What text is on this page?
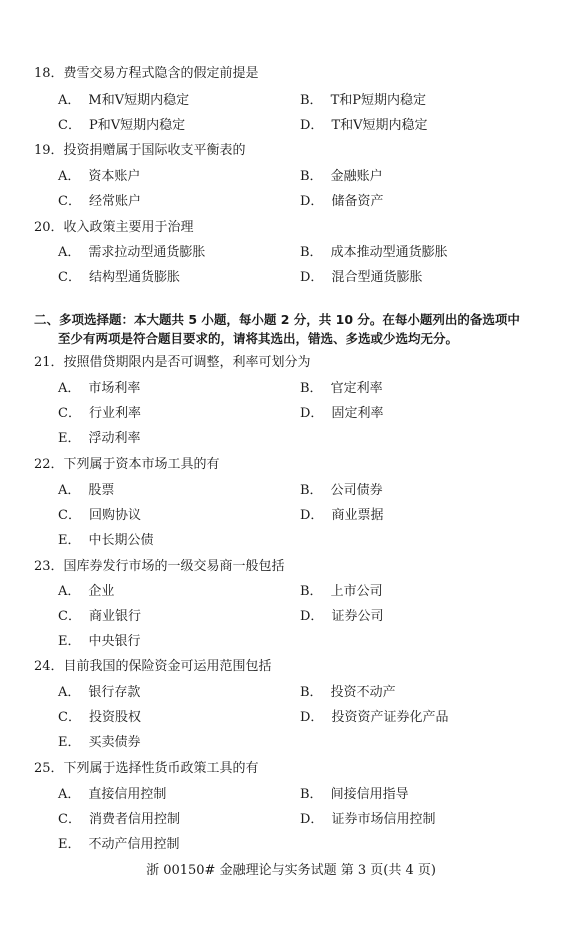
18．费雪交易方程式隐含的假定前提是
A． M和V短期内稳定	B． T和P短期内稳定
C． P和V短期内稳定	D． T和V短期内稳定
19．投资捐赠属于国际收支平衡表的
A． 资本账户	B． 金融账户
C． 经常账户	D． 储备资产
20．收入政策主要用于治理
A． 需求拉动型通货膨胀	B． 成本推动型通货膨胀
C． 结构型通货膨胀	D． 混合型通货膨胀
二、多项选择题：本大题共 5 小题，每小题 2 分，共 10 分。在每小题列出的备选项中
至少有两项是符合题目要求的，请将其选出，错选、多选或少选均无分。
21．按照借贷期限内是否可调整，利率可划分为
A． 市场利率	B． 官定利率
C． 行业利率	D． 固定利率
E． 浮动利率
22．下列属于资本市场工具的有
A． 股票	B． 公司债券
C． 回购协议	D． 商业票据
E． 中长期公债
23．国库券发行市场的一级交易商一般包括
A． 企业	B． 上市公司
C． 商业银行	D． 证券公司
E． 中央银行
24．目前我国的保险资金可运用范围包括
A． 银行存款	B． 投资不动产
C． 投资股权	D． 投资资产证券化产品
E． 买卖债券
25．下列属于选择性货币政策工具的有
A． 直接信用控制	B． 间接信用指导
C． 消费者信用控制	D． 证券市场信用控制
E． 不动产信用控制
浙 00150# 金融理论与实务试题 第 3 页(共 4 页)
